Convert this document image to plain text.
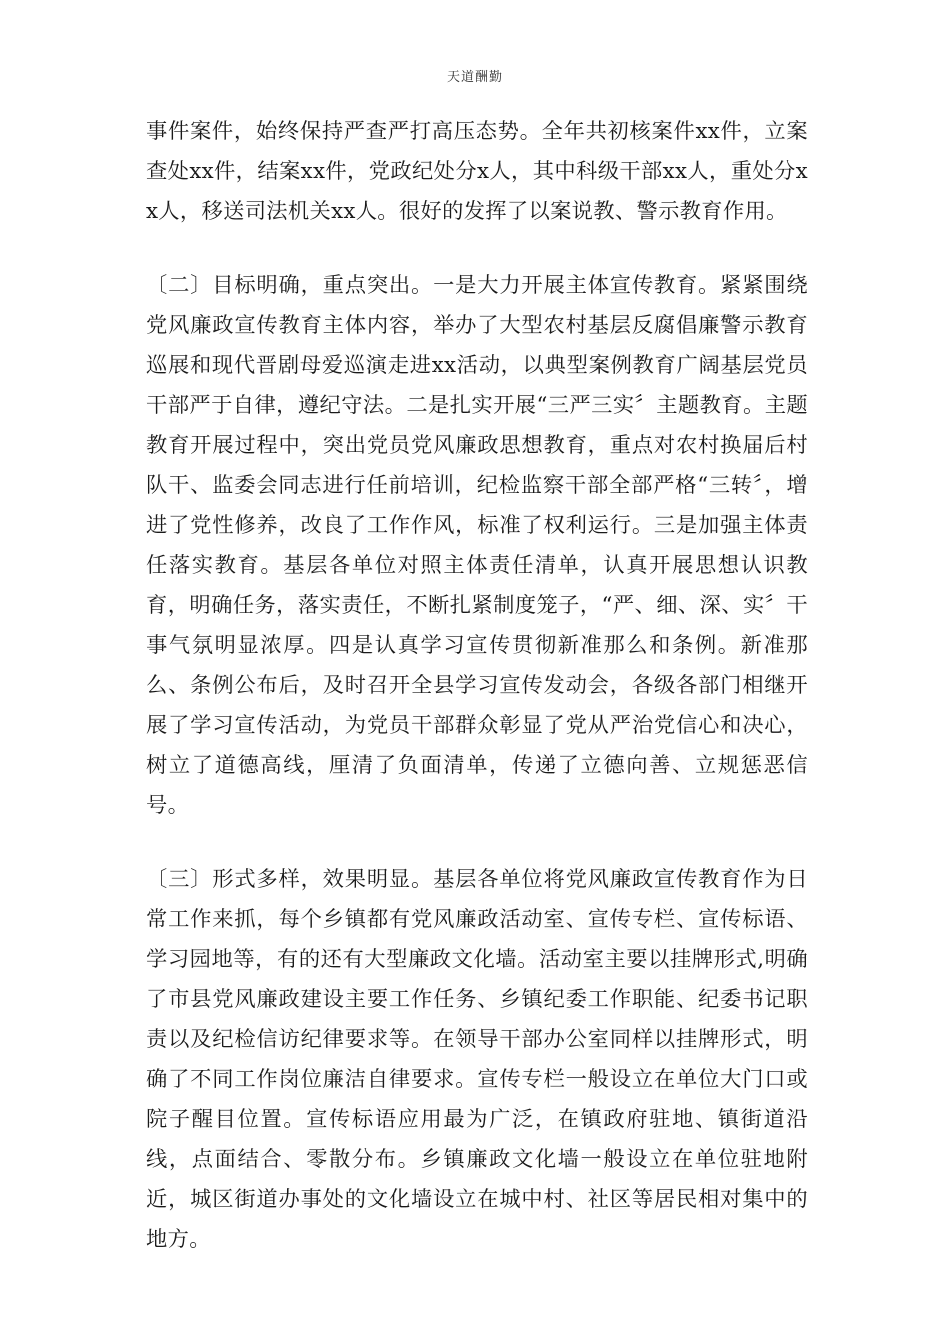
天道酬勤

事件案件，始终保持严查严打高压态势。全年共初核案件xx件，立案查处xx件，结案xx件，党政纪处分x人，其中科级干部xx人，重处分xx人，移送司法机关xx人。很好的发挥了以案说教、警示教育作用。

〔二〕目标明确，重点突出。一是大力开展主体宣传教育。紧紧围绕党风廉政宣传教育主体内容，举办了大型农村基层反腐倡廉警示教育巡展和现代晋剧母爱巡演走进xx活动，以典型案例教育广阔基层党员干部严于自律，遵纪守法。二是扎实开展“三严三实〞主题教育。主题教育开展过程中，突出党员党风廉政思想教育，重点对农村换届后村队干、监委会同志进行任前培训，纪检监察干部全部严格“三转〞，增进了党性修养，改良了工作作风，标准了权利运行。三是加强主体责任落实教育。基层各单位对照主体责任清单，认真开展思想认识教育，明确任务，落实责任，不断扎紧制度笼子，“严、细、深、实〞干事气氛明显浓厚。四是认真学习宣传贯彻新准那么和条例。新准那么、条例公布后，及时召开全县学习宣传发动会，各级各部门相继开展了学习宣传活动，为党员干部群众彰显了党从严治党信心和决心，树立了道德高线，厘清了负面清单，传递了立德向善、立规惩恶信号。

〔三〕形式多样，效果明显。基层各单位将党风廉政宣传教育作为日常工作来抓，每个乡镇都有党风廉政活动室、宣传专栏、宣传标语、学习园地等，有的还有大型廉政文化墙。活动室主要以挂牌形式,明确了市县党风廉政建设主要工作任务、乡镇纪委工作职能、纪委书记职责以及纪检信访纪律要求等。在领导干部办公室同样以挂牌形式，明确了不同工作岗位廉洁自律要求。宣传专栏一般设立在单位大门口或院子醒目位置。宣传标语应用最为广泛，在镇政府驻地、镇街道沿线，点面结合、零散分布。乡镇廉政文化墙一般设立在单位驻地附近，城区街道办事处的文化墙设立在城中村、社区等居民相对集中的地方。
